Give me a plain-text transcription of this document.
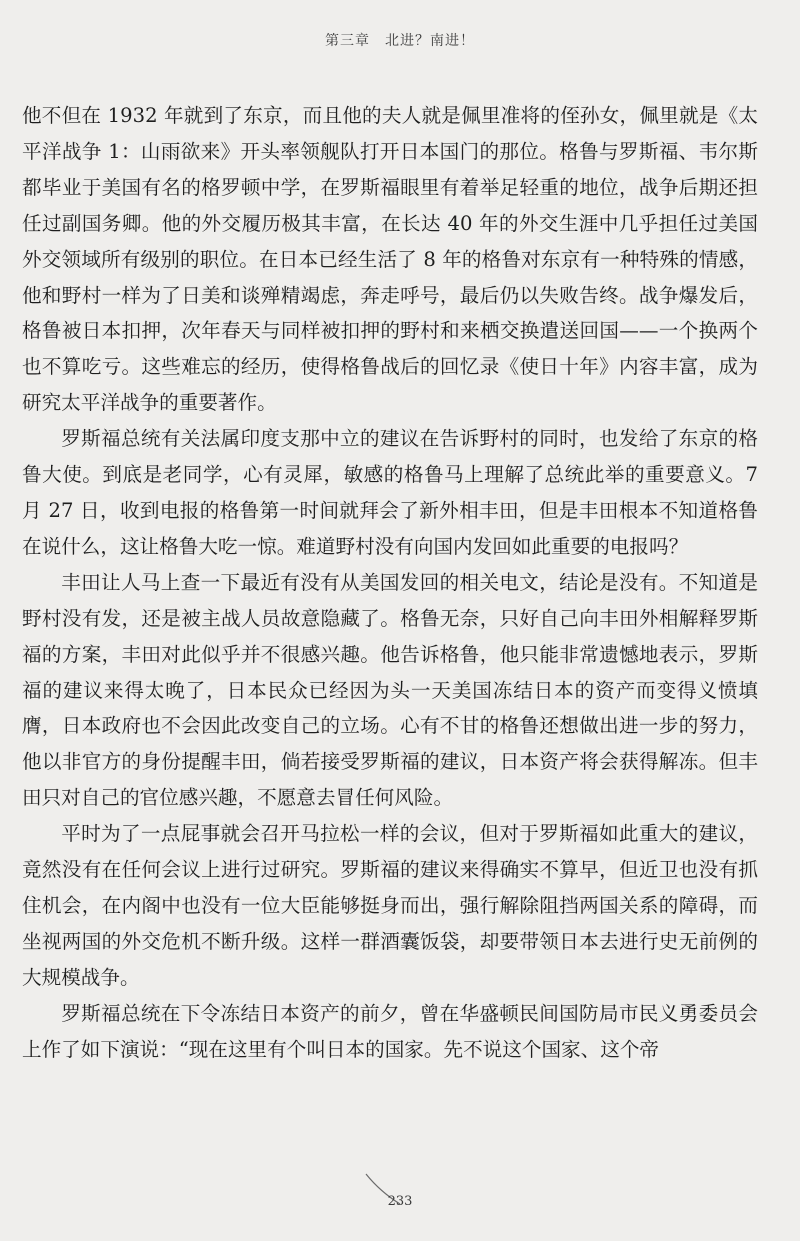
第三章　北进？南进！

他不但在 1932 年就到了东京，而且他的夫人就是佩里准将的侄孙女，佩里就是《太平洋战争 1：山雨欲来》开头率领舰队打开日本国门的那位。格鲁与罗斯福、韦尔斯都毕业于美国有名的格罗顿中学，在罗斯福眼里有着举足轻重的地位，战争后期还担任过副国务卿。他的外交履历极其丰富，在长达 40 年的外交生涯中几乎担任过美国外交领域所有级别的职位。在日本已经生活了 8 年的格鲁对东京有一种特殊的情感，他和野村一样为了日美和谈殚精竭虑，奔走呼号，最后仍以失败告终。战争爆发后，格鲁被日本扣押，次年春天与同样被扣押的野村和来栖交换遣送回国——一个换两个也不算吃亏。这些难忘的经历，使得格鲁战后的回忆录《使日十年》内容丰富，成为研究太平洋战争的重要著作。

罗斯福总统有关法属印度支那中立的建议在告诉野村的同时，也发给了东京的格鲁大使。到底是老同学，心有灵犀，敏感的格鲁马上理解了总统此举的重要意义。7 月 27 日，收到电报的格鲁第一时间就拜会了新外相丰田，但是丰田根本不知道格鲁在说什么，这让格鲁大吃一惊。难道野村没有向国内发回如此重要的电报吗？

丰田让人马上查一下最近有没有从美国发回的相关电文，结论是没有。不知道是野村没有发，还是被主战人员故意隐藏了。格鲁无奈，只好自己向丰田外相解释罗斯福的方案，丰田对此似乎并不很感兴趣。他告诉格鲁，他只能非常遗憾地表示，罗斯福的建议来得太晚了，日本民众已经因为头一天美国冻结日本的资产而变得义愤填膺，日本政府也不会因此改变自己的立场。心有不甘的格鲁还想做出进一步的努力，他以非官方的身份提醒丰田，倘若接受罗斯福的建议，日本资产将会获得解冻。但丰田只对自己的官位感兴趣，不愿意去冒任何风险。

平时为了一点屁事就会召开马拉松一样的会议，但对于罗斯福如此重大的建议，竟然没有在任何会议上进行过研究。罗斯福的建议来得确实不算早，但近卫也没有抓住机会，在内阁中也没有一位大臣能够挺身而出，强行解除阻挡两国关系的障碍，而坐视两国的外交危机不断升级。这样一群酒囊饭袋，却要带领日本去进行史无前例的大规模战争。

罗斯福总统在下令冻结日本资产的前夕，曾在华盛顿民间国防局市民义勇委员会上作了如下演说：“现在这里有个叫日本的国家。先不说这个国家、这个帝

233
